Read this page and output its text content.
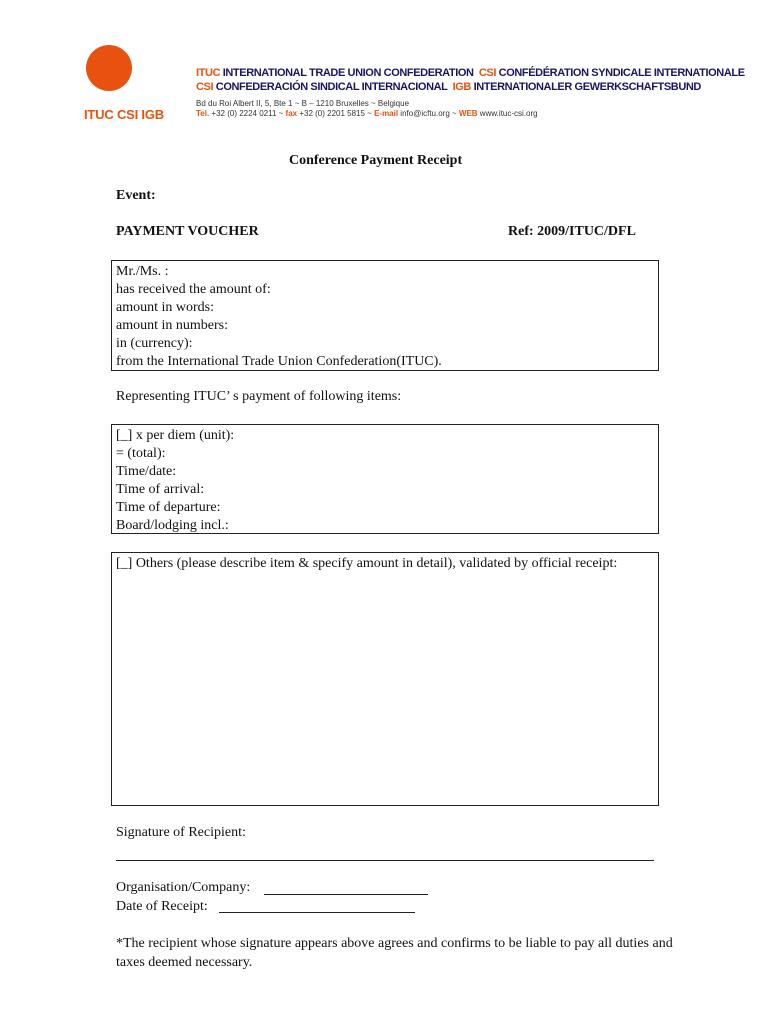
ITUC CSI IGB
ITUC INTERNATIONAL TRADE UNION CONFEDERATION  CSI CONFÉDÉRATION SYNDICALE INTERNATIONALE
CSI CONFEDERACIÓN SINDICAL INTERNACIONAL  IGB INTERNATIONALER GEWERKSCHAFTSBUND
Bd du Roi Albert II, 5, Bte 1 ~ B – 1210 Bruxelles ~ Belgique
Tel. +32 (0) 2224 0211 ~ fax +32 (0) 2201 5815 ~ E-mail info@icftu.org ~ WEB www.ituc-csi.org
Conference Payment Receipt
Event:
PAYMENT VOUCHER	Ref: 2009/ITUC/DFL
Mr./Ms. :
has received the amount of:
amount in words:
amount in numbers:
in (currency):
from the International Trade Union Confederation(ITUC).
Representing ITUC’ s payment of following items:
[_] x per diem (unit):
= (total):
Time/date:
Time of arrival:
Time of departure:
Board/lodging incl.:
[_] Others (please describe item & specify amount in detail), validated by official receipt:
Signature of Recipient:
Organisation/Company:
Date of Receipt:
*The recipient whose signature appears above agrees and confirms to be liable to pay all duties and taxes deemed necessary.
